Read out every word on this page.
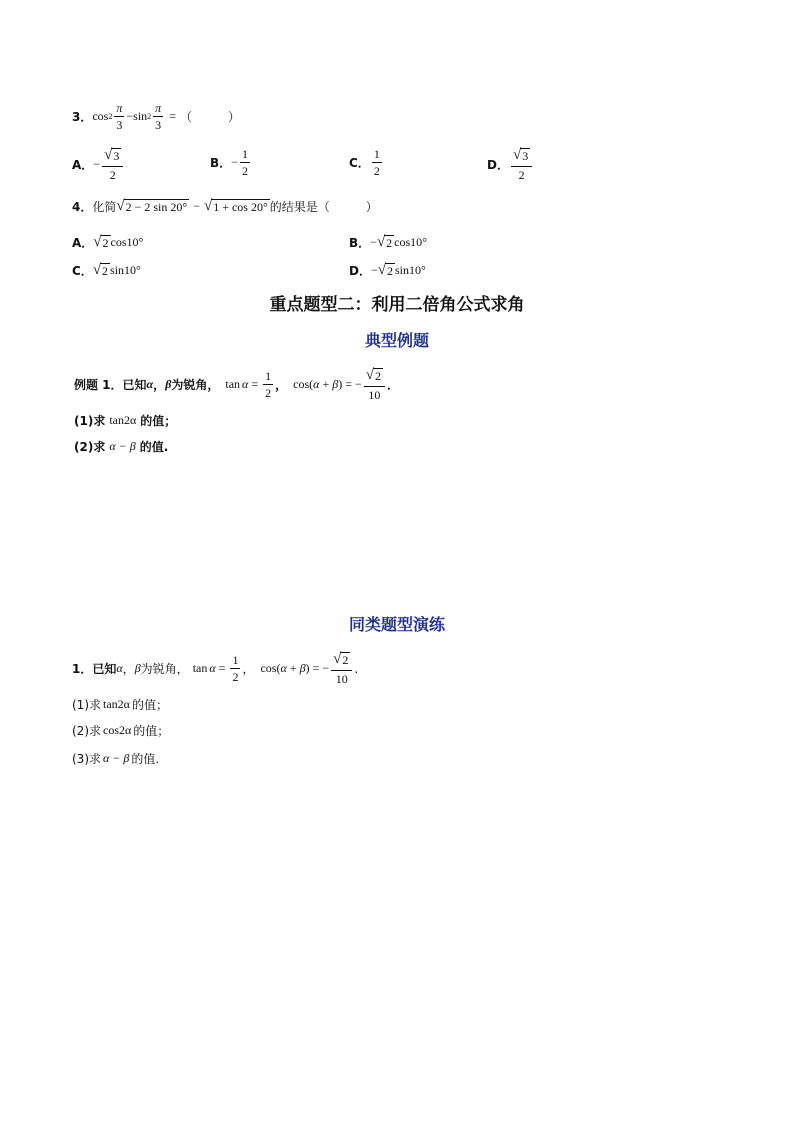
3． $\cos 2 \frac{\pi}{3} - \sin 2 \frac{\pi}{3}$ = （　　　）
A． − $\frac{√ 3}{2}$	B． − $\frac{1}{2}$	C． $\frac{1}{2}$	D． $\frac{√ 3}{2}$
4． 化简 √ 2 − 2 sin 20° − √ 1 + cos 20° 的结果是（　　　）
A． √ 2 cos10°	B． − √ 2 cos10°
C． √ 2 sin10°	D． − √ 2 sin10°
重点题型二：利用二倍角公式求角
典型例题
例题 1．已知 α ， β 为锐角， $\tan \alpha = \frac{1}{2}$ ， cos( α + β ) = − $\frac{√ 2}{10}$ ．
(1)求 tan2α 的值；
(2)求 α − β 的值.
同类题型演练
1．已知 α ， β 为锐角， $\tan \alpha = \frac{1}{2}$ ， cos( α + β ) = − $\frac{√ 2}{10}$ .
(1)求 tan2α 的值；
(2)求 cos2α 的值；
(3)求 α − β 的值.
